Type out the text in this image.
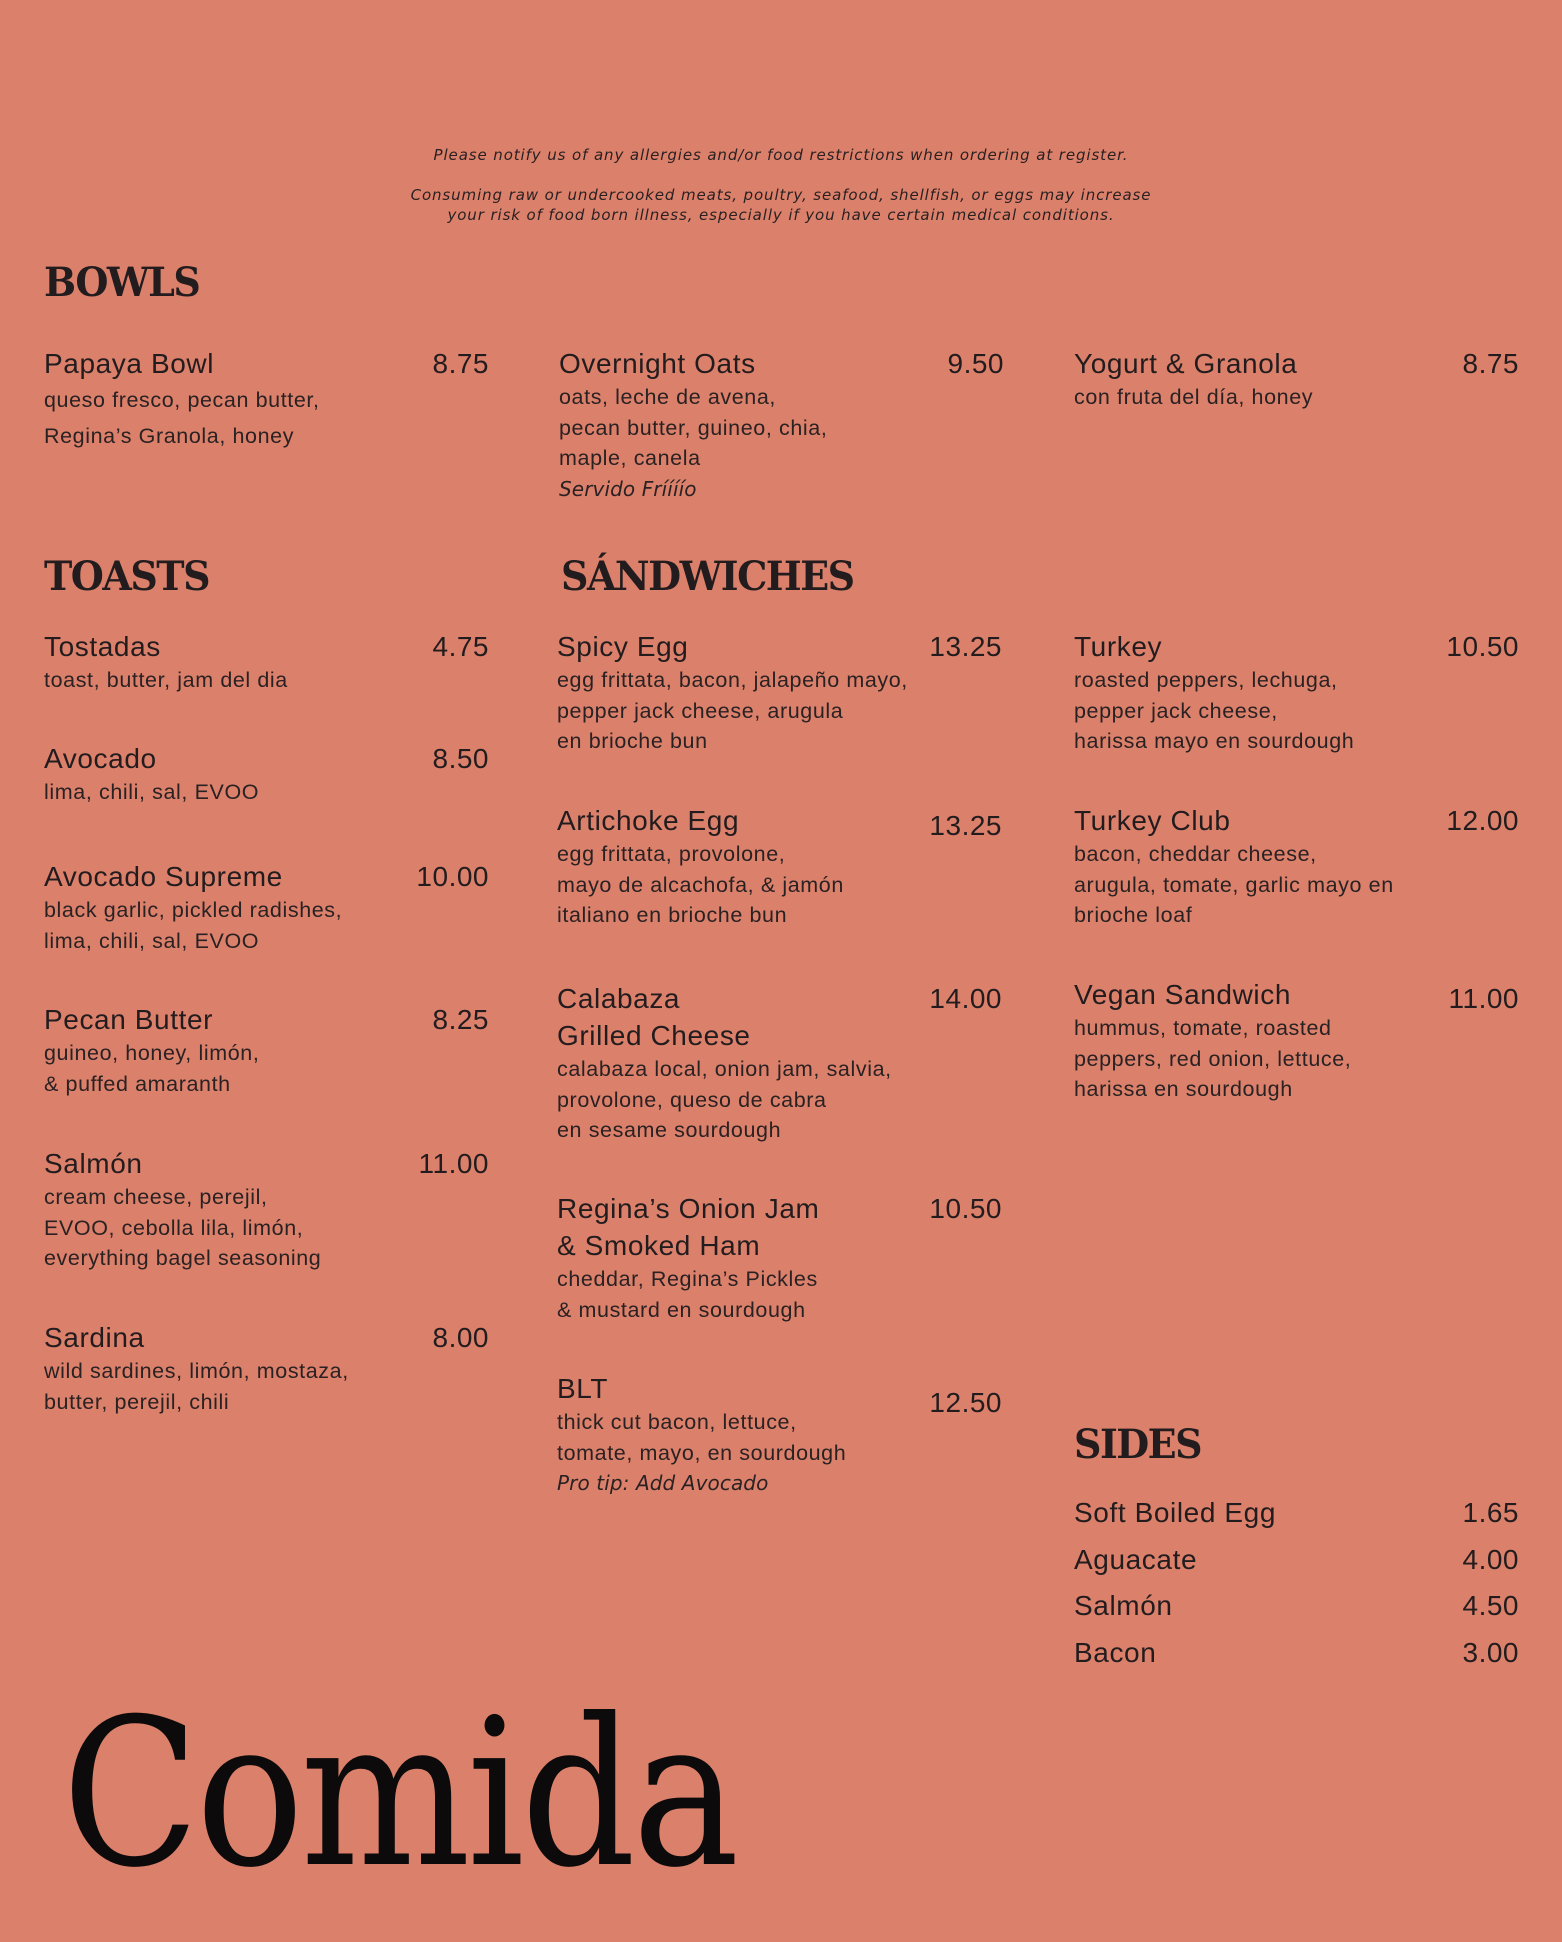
Please notify us of any allergies and/or food restrictions when ordering at register.
Consuming raw or undercooked meats, poultry, seafood, shellfish, or eggs may increase
your risk of food born illness, especially if you have certain medical conditions.
BOWLS
Papaya Bowl	8.75
queso fresco, pecan butter,
Regina’s Granola, honey
Overnight Oats	9.50
oats, leche de avena,
pecan butter, guineo, chia,
maple, canela
Servido Fríííío
Yogurt & Granola	8.75
con fruta del día, honey
TOASTS
Tostadas	4.75
toast, butter, jam del dia
Avocado	8.50
lima, chili, sal, EVOO
Avocado Supreme	10.00
black garlic, pickled radishes,
lima, chili, sal, EVOO
Pecan Butter	8.25
guineo, honey, limón,
& puffed amaranth
Salmón	11.00
cream cheese, perejil,
EVOO, cebolla lila, limón,
everything bagel seasoning
Sardina	8.00
wild sardines, limón, mostaza,
butter, perejil, chili
SÁNDWICHES
Spicy Egg	13.25
egg frittata, bacon, jalapeño mayo,
pepper jack cheese, arugula
en brioche bun
Artichoke Egg	13.25
egg frittata, provolone,
mayo de alcachofa, & jamón
italiano en brioche bun
Calabaza
Grilled Cheese
14.00
calabaza local, onion jam, salvia,
provolone, queso de cabra
en sesame sourdough
Regina’s Onion Jam
& Smoked Ham
10.50
cheddar, Regina’s Pickles
& mustard en sourdough
BLT	12.50
thick cut bacon, lettuce,
tomate, mayo, en sourdough
Pro tip: Add Avocado
Turkey	10.50
roasted peppers, lechuga,
pepper jack cheese,
harissa mayo en sourdough
Turkey Club	12.00
bacon, cheddar cheese,
arugula, tomate, garlic mayo en
brioche loaf
Vegan Sandwich	11.00
hummus, tomate, roasted
peppers, red onion, lettuce,
harissa en sourdough
SIDES
Soft Boiled Egg	1.65
Aguacate	4.00
Salmón	4.50
Bacon	3.00
Comida
